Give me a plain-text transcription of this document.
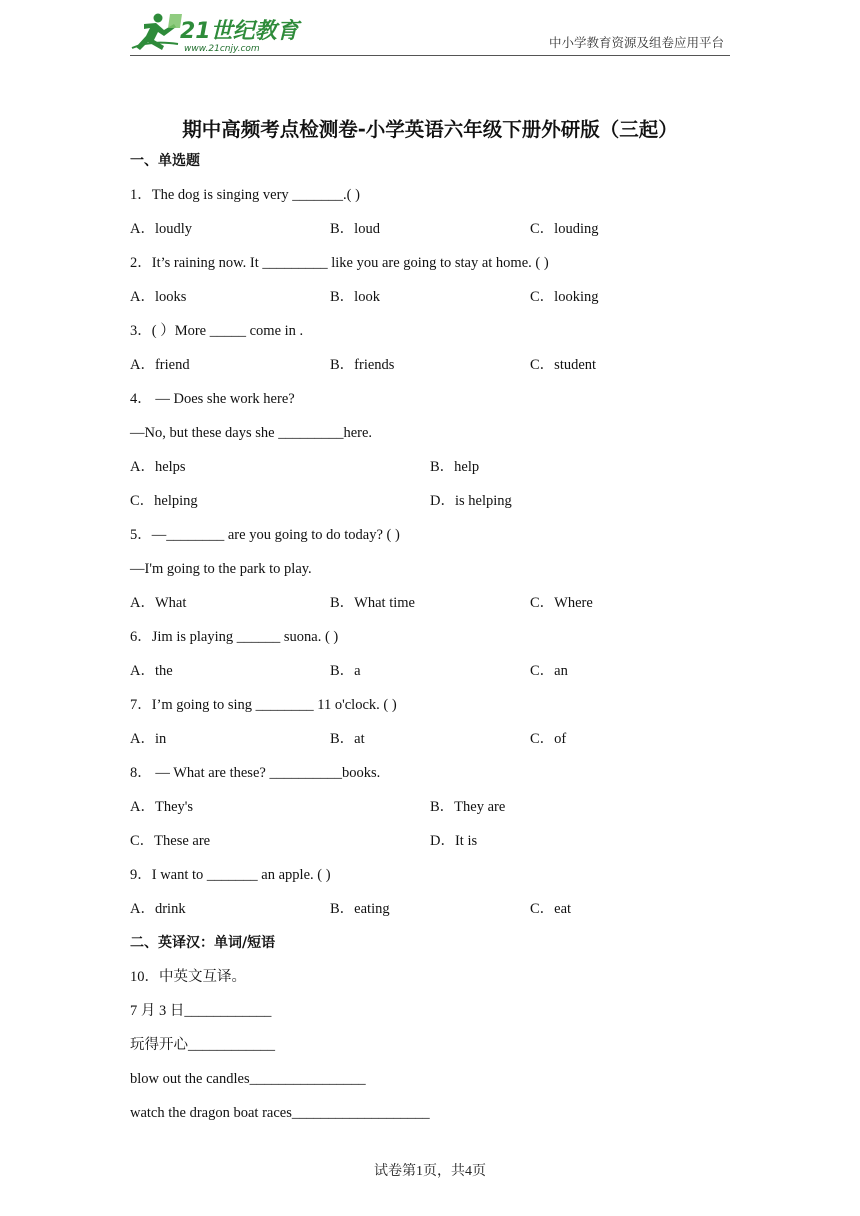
21世纪教育
www.21cnjy.com	中小学教育资源及组卷应用平台
期中高频考点检测卷-小学英语六年级下册外研版（三起）
一、单选题
1．The dog is singing very _______.( )
A．loudly	B．loud	C．louding
2．It’s raining now. It _________ like you are going to stay at home. ( )
A．looks	B．look	C．looking
3．( ）More _____ come in .
A．friend	B．friends	C．student
4． — Does she work here?
—No, but these days she _________here.
A．helps	B．help
C．helping	D．is helping
5．—________ are you going to do today? ( )
—I'm going to the park to play.
A．What	B．What time	C．Where
6．Jim is playing ______ suona. ( )
A．the	B．a	C．an
7．I’m going to sing ________ 11 o'clock. ( )
A．in	B．at	C．of
8． — What are these? __________books.
A．They's	B．They are
C．These are	D．It is
9．I want to _______ an apple. ( )
A．drink	B．eating	C．eat
二、英译汉：单词/短语
10．中英文互译。
7 月 3 日____________
玩得开心____________
blow out the candles________________
watch the dragon boat races___________________
试卷第1页，共4页
